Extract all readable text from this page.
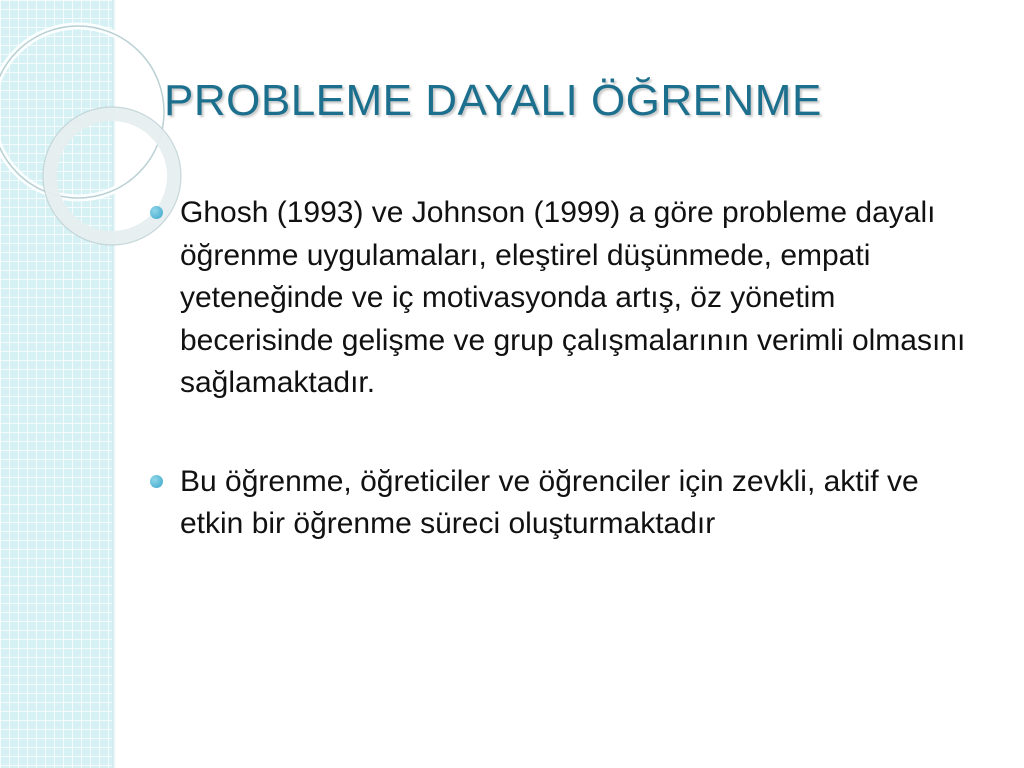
PROBLEME DAYALI ÖĞRENME
Ghosh (1993) ve Johnson (1999) a göre probleme dayalı öğrenme uygulamaları, eleştirel düşünmede, empati yeteneğinde ve iç motivasyonda artış, öz yönetim becerisinde gelişme ve grup çalışmalarının verimli olmasını sağlamaktadır.
Bu öğrenme, öğreticiler ve öğrenciler için zevkli, aktif ve etkin bir öğrenme süreci oluşturmaktadır
